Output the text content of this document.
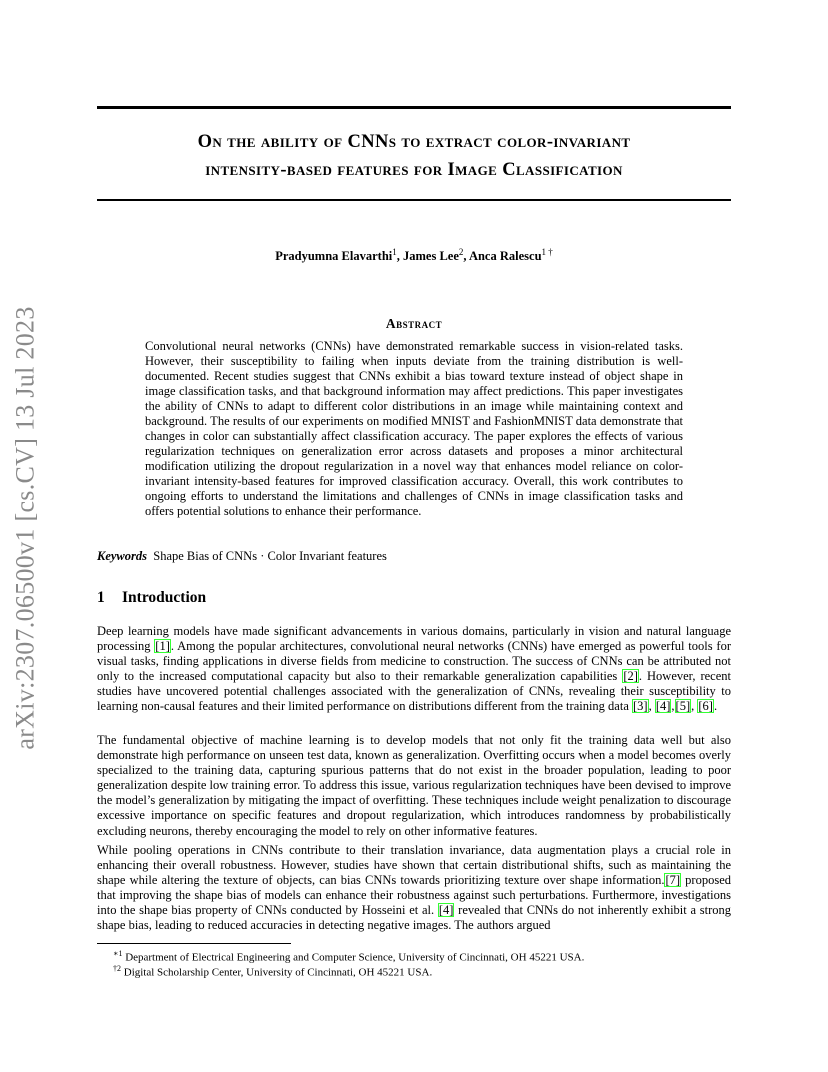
arXiv:2307.06500v1 [cs.CV] 13 Jul 2023
On the ability of CNNs to extract color-invariant
intensity-based features for Image Classification
Pradyumna Elavarthi$^1$, James Lee$^2$, Anca Ralescu$^{1 \dagger}$
Abstract
Convolutional neural networks (CNNs) have demonstrated remarkable success in vision-related tasks. However, their susceptibility to failing when inputs deviate from the training distribution is well-documented. Recent studies suggest that CNNs exhibit a bias toward texture instead of object shape in image classification tasks, and that background information may affect predictions. This paper investigates the ability of CNNs to adapt to different color distributions in an image while maintaining context and background. The results of our experiments on modified MNIST and FashionMNIST data demonstrate that changes in color can substantially affect classification accuracy. The paper explores the effects of various regularization techniques on generalization error across datasets and proposes a minor architectural modification utilizing the dropout regularization in a novel way that enhances model reliance on color-invariant intensity-based features for improved classification accuracy. Overall, this work contributes to ongoing efforts to understand the limitations and challenges of CNNs in image classification tasks and offers potential solutions to enhance their performance.
Keywords Shape Bias of CNNs · Color Invariant features
1 Introduction

Deep learning models have made significant advancements in various domains, particularly in vision and natural language processing [1]. Among the popular architectures, convolutional neural networks (CNNs) have emerged as powerful tools for visual tasks, finding applications in diverse fields from medicine to construction. The success of CNNs can be attributed not only to the increased computational capacity but also to their remarkable generalization capabilities [2]. However, recent studies have uncovered potential challenges associated with the generalization of CNNs, revealing their susceptibility to learning non-causal features and their limited performance on distributions different from the training data [3], [4],[5], [6].

The fundamental objective of machine learning is to develop models that not only fit the training data well but also demonstrate high performance on unseen test data, known as generalization. Overfitting occurs when a model becomes overly specialized to the training data, capturing spurious patterns that do not exist in the broader population, leading to poor generalization despite low training error. To address this issue, various regularization techniques have been devised to improve the model’s generalization by mitigating the impact of overfitting. These techniques include weight penalization to discourage excessive importance on specific features and dropout regularization, which introduces randomness by probabilistically excluding neurons, thereby encouraging the model to rely on other informative features.

While pooling operations in CNNs contribute to their translation invariance, data augmentation plays a crucial role in enhancing their overall robustness. However, studies have shown that certain distributional shifts, such as maintaining the shape while altering the texture of objects, can bias CNNs towards prioritizing texture over shape information.[7] proposed that improving the shape bias of models can enhance their robustness against such perturbations. Furthermore, investigations into the shape bias property of CNNs conducted by Hosseini et al. [4] revealed that CNNs do not inherently exhibit a strong shape bias, leading to reduced accuracies in detecting negative images. The authors argued

$^{∗1}$ Department of Electrical Engineering and Computer Science, University of Cincinnati, OH 45221 USA.
$^{\dagger 2}$ Digital Scholarship Center, University of Cincinnati, OH 45221 USA.
